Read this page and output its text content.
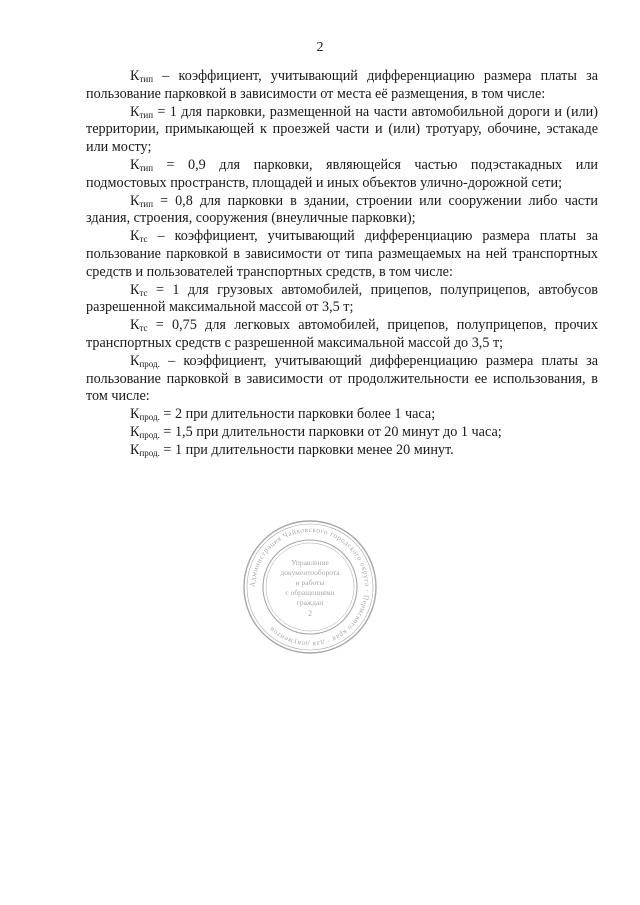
2

$К_{тип}$ – коэффициент, учитывающий дифференциацию размера платы за пользование парковкой в зависимости от места её размещения, в том числе:

$К_{тип} = 1$ для парковки, размещенной на части автомобильной дороги и (или) территории, примыкающей к проезжей части и (или) тротуару, обочине, эстакаде или мосту;

$К_{тип} = 0,9$ для парковки, являющейся частью подэстакадных или подмостовых пространств, площадей и иных объектов улично-дорожной сети;

$К_{тип} = 0,8$ для парковки в здании, строении или сооружении либо части здания, строения, сооружения (внеуличные парковки);

$К_{тс}$ – коэффициент, учитывающий дифференциацию размера платы за пользование парковкой в зависимости от типа размещаемых на ней транспортных средств и пользователей транспортных средств, в том числе:

$К_{тс} = 1$ для грузовых автомобилей, прицепов, полуприцепов, автобусов разрешенной максимальной массой от 3,5 т;

$К_{тс} = 0,75$ для легковых автомобилей, прицепов, полуприцепов, прочих транспортных средств с разрешенной максимальной массой до 3,5 т;

$К_{прод.}$ – коэффициент, учитывающий дифференциацию размера платы за пользование парковкой в зависимости от продолжительности ее использования, в том числе:

$К_{прод.} = 2$ при длительности парковки более 1 часа;

$К_{прод.} = 1,5$ при длительности парковки от 20 минут до 1 часа;

$К_{прод.} = 1$ при длительности парковки менее 20 минут.

Администрация Чайковского городского округа · Пермского края · для документов
Управление
документооборота
и работы
с обращениями
граждан
2
